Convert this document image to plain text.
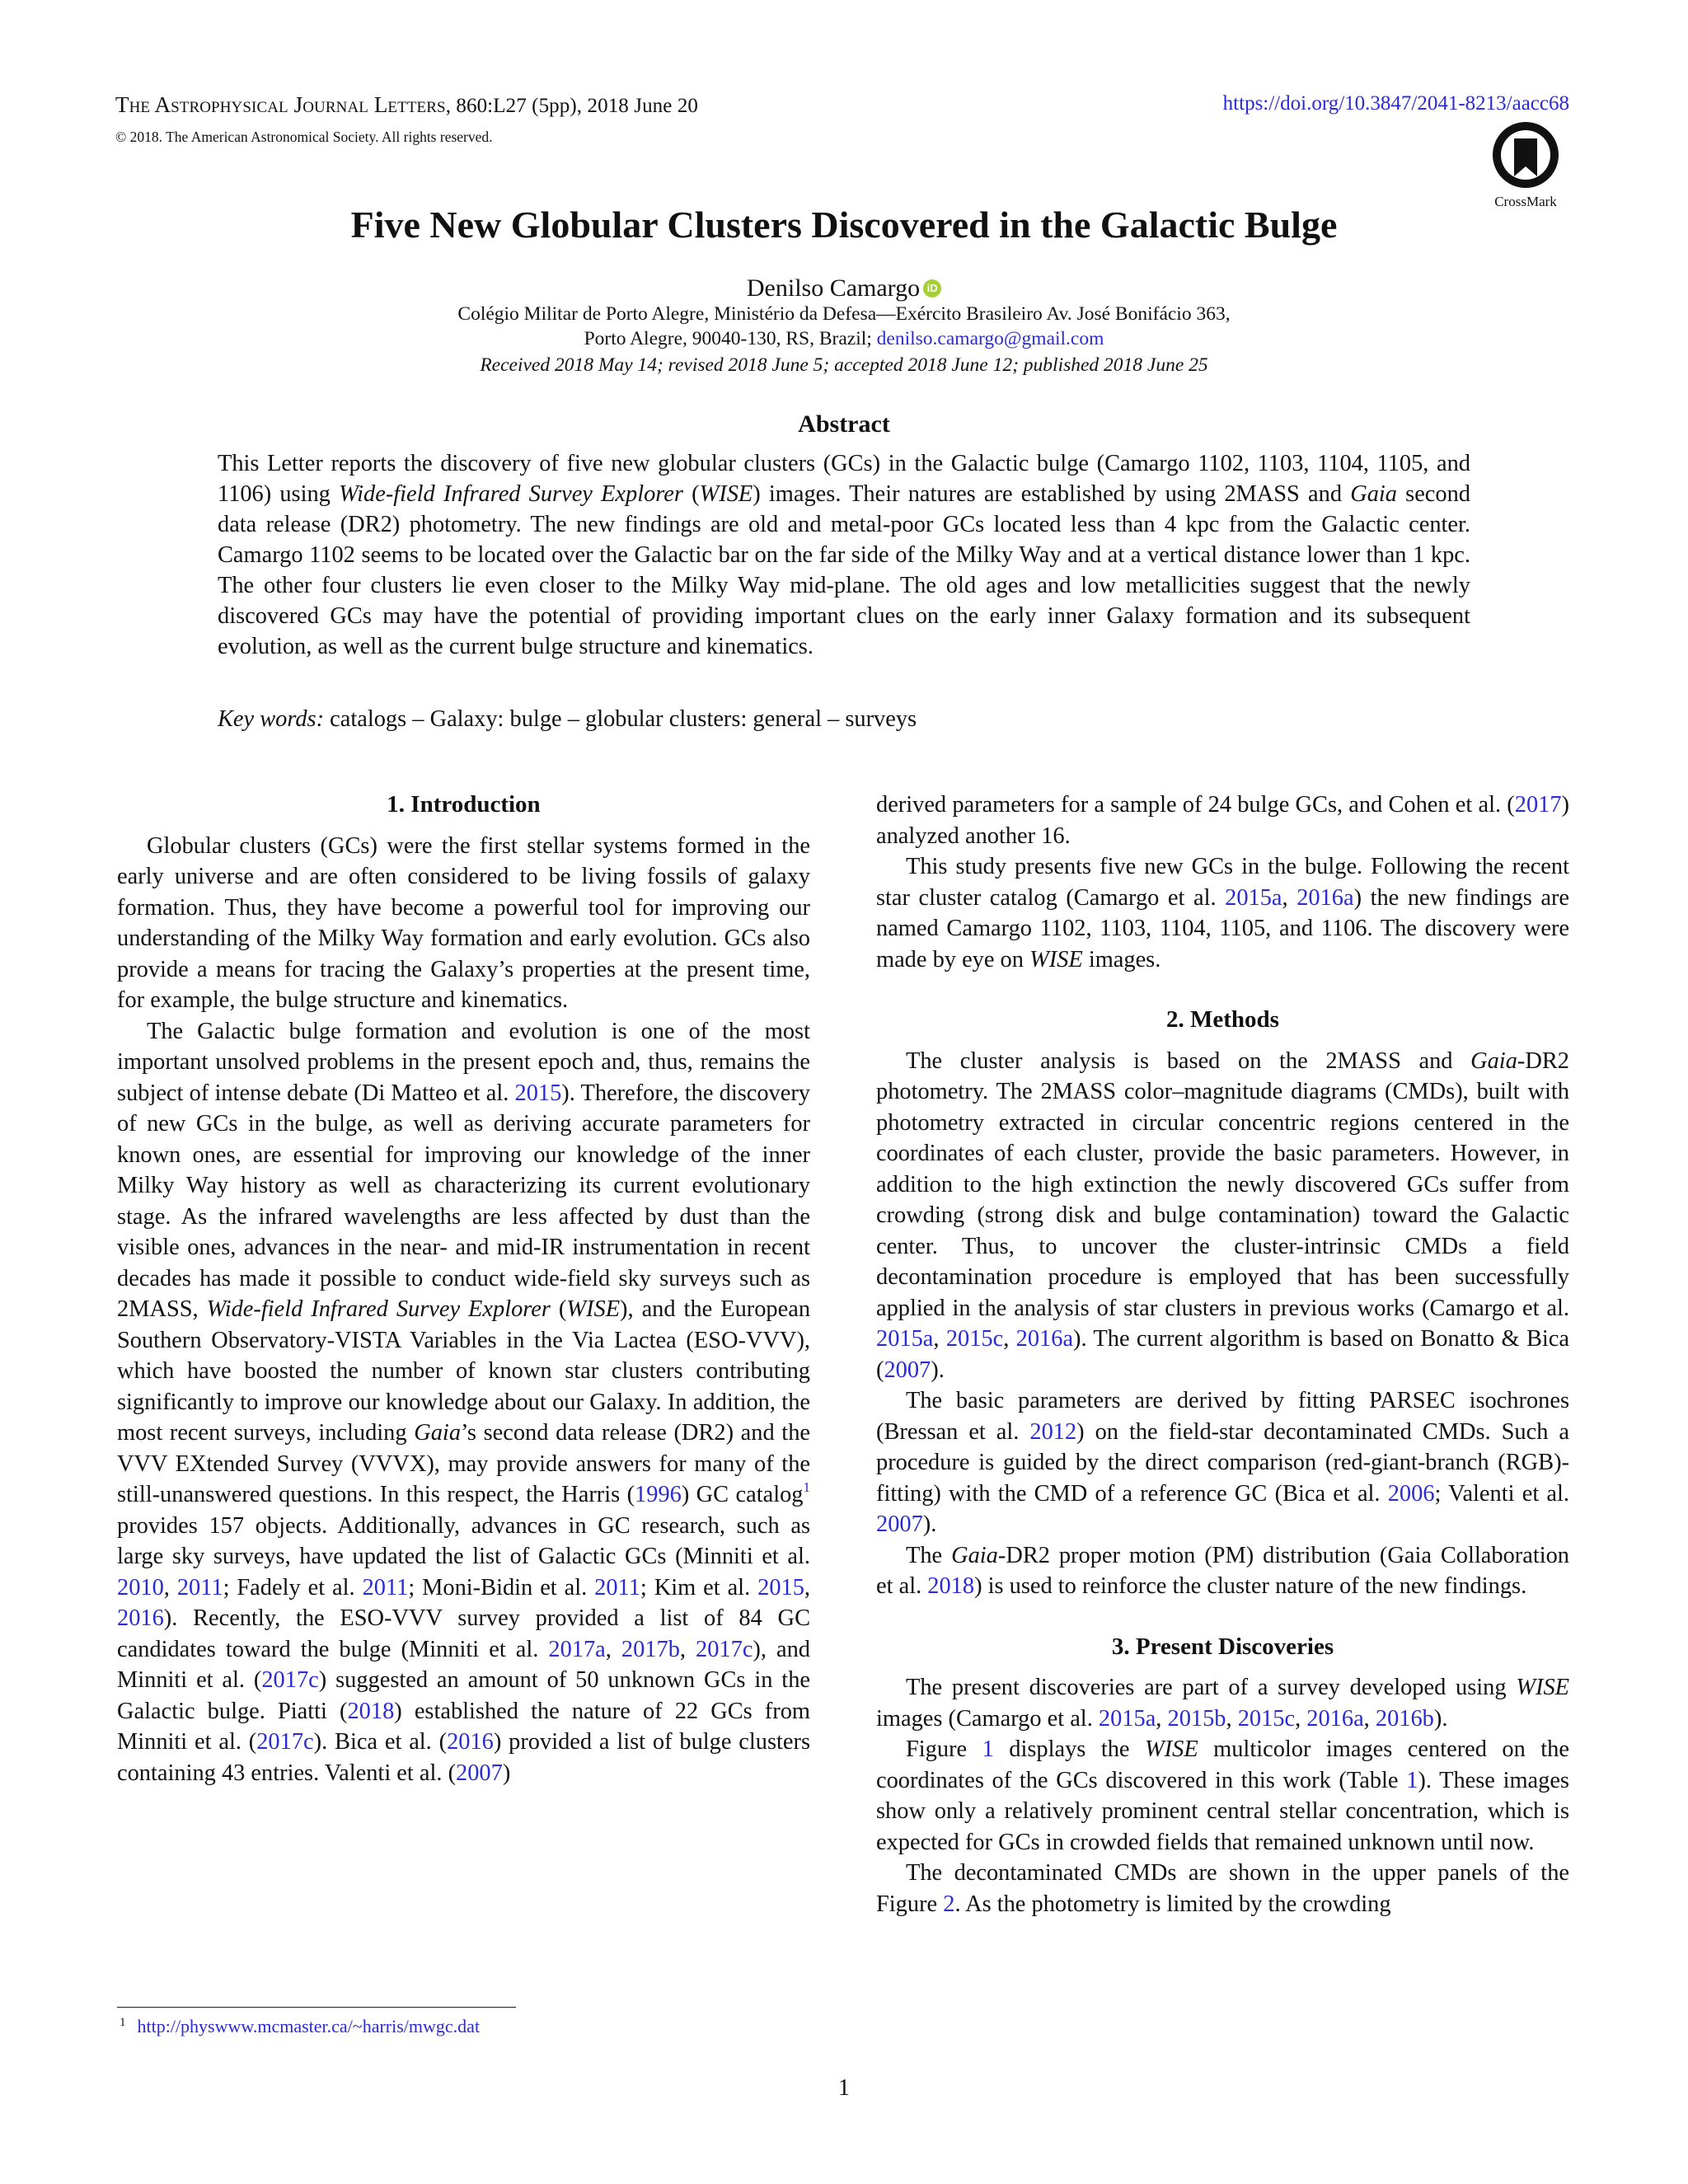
The Astrophysical Journal Letters, 860:L27 (5pp), 2018 June 20
© 2018. The American Astronomical Society. All rights reserved.
https://doi.org/10.3847/2041-8213/aacc68
CrossMark
Five New Globular Clusters Discovered in the Galactic Bulge
Denilso Camargo iD
Colégio Militar de Porto Alegre, Ministério da Defesa—Exército Brasileiro Av. José Bonifácio 363,
Porto Alegre, 90040-130, RS, Brazil; denilso.camargo@gmail.com
Received 2018 May 14; revised 2018 June 5; accepted 2018 June 12; published 2018 June 25
Abstract
This Letter reports the discovery of five new globular clusters (GCs) in the Galactic bulge (Camargo 1102, 1103, 1104, 1105, and 1106) using Wide-field Infrared Survey Explorer (WISE) images. Their natures are established by using 2MASS and Gaia second data release (DR2) photometry. The new findings are old and metal-poor GCs located less than 4 kpc from the Galactic center. Camargo 1102 seems to be located over the Galactic bar on the far side of the Milky Way and at a vertical distance lower than 1 kpc. The other four clusters lie even closer to the Milky Way mid-plane. The old ages and low metallicities suggest that the newly discovered GCs may have the potential of providing important clues on the early inner Galaxy formation and its subsequent evolution, as well as the current bulge structure and kinematics.
Key words: catalogs – Galaxy: bulge – globular clusters: general – surveys
1. Introduction

Globular clusters (GCs) were the first stellar systems formed in the early universe and are often considered to be living fossils of galaxy formation. Thus, they have become a powerful tool for improving our understanding of the Milky Way formation and early evolution. GCs also provide a means for tracing the Galaxy’s properties at the present time, for example, the bulge structure and kinematics.

The Galactic bulge formation and evolution is one of the most important unsolved problems in the present epoch and, thus, remains the subject of intense debate (Di Matteo et al. 2015). Therefore, the discovery of new GCs in the bulge, as well as deriving accurate parameters for known ones, are essential for improving our knowledge of the inner Milky Way history as well as characterizing its current evolutionary stage. As the infrared wavelengths are less affected by dust than the visible ones, advances in the near- and mid-IR instrumentation in recent decades has made it possible to conduct wide-field sky surveys such as 2MASS, Wide-field Infrared Survey Explorer (WISE), and the European Southern Observatory-VISTA Variables in the Via Lactea (ESO-VVV), which have boosted the number of known star clusters contributing significantly to improve our knowledge about our Galaxy. In addition, the most recent surveys, including Gaia’s second data release (DR2) and the VVV EXtended Survey (VVVX), may provide answers for many of the still-unanswered questions. In this respect, the Harris (1996) GC catalog$^1$ provides 157 objects. Additionally, advances in GC research, such as large sky surveys, have updated the list of Galactic GCs (Minniti et al. 2010, 2011; Fadely et al. 2011; Moni-Bidin et al. 2011; Kim et al. 2015, 2016). Recently, the ESO-VVV survey provided a list of 84 GC candidates toward the bulge (Minniti et al. 2017a, 2017b, 2017c), and Minniti et al. (2017c) suggested an amount of 50 unknown GCs in the Galactic bulge. Piatti (2018) established the nature of 22 GCs from Minniti et al. (2017c). Bica et al. (2016) provided a list of bulge clusters containing 43 entries. Valenti et al. (2007)

derived parameters for a sample of 24 bulge GCs, and Cohen et al. (2017) analyzed another 16.

This study presents five new GCs in the bulge. Following the recent star cluster catalog (Camargo et al. 2015a, 2016a) the new findings are named Camargo 1102, 1103, 1104, 1105, and 1106. The discovery were made by eye on WISE images.

2. Methods

The cluster analysis is based on the 2MASS and Gaia-DR2 photometry. The 2MASS color–magnitude diagrams (CMDs), built with photometry extracted in circular concentric regions centered in the coordinates of each cluster, provide the basic parameters. However, in addition to the high extinction the newly discovered GCs suffer from crowding (strong disk and bulge contamination) toward the Galactic center. Thus, to uncover the cluster-intrinsic CMDs a field decontamination procedure is employed that has been successfully applied in the analysis of star clusters in previous works (Camargo et al. 2015a, 2015c, 2016a). The current algorithm is based on Bonatto & Bica (2007).

The basic parameters are derived by fitting PARSEC isochrones (Bressan et al. 2012) on the field-star decontaminated CMDs. Such a procedure is guided by the direct comparison (red-giant-branch (RGB)-fitting) with the CMD of a reference GC (Bica et al. 2006; Valenti et al. 2007).

The Gaia-DR2 proper motion (PM) distribution (Gaia Collaboration et al. 2018) is used to reinforce the cluster nature of the new findings.

3. Present Discoveries

The present discoveries are part of a survey developed using WISE images (Camargo et al. 2015a, 2015b, 2015c, 2016a, 2016b).

Figure 1 displays the WISE multicolor images centered on the coordinates of the GCs discovered in this work (Table 1). These images show only a relatively prominent central stellar concentration, which is expected for GCs in crowded fields that remained unknown until now.

The decontaminated CMDs are shown in the upper panels of the Figure 2. As the photometry is limited by the crowding

$^1$ http://physwww.mcmaster.ca/~harris/mwgc.dat
1
